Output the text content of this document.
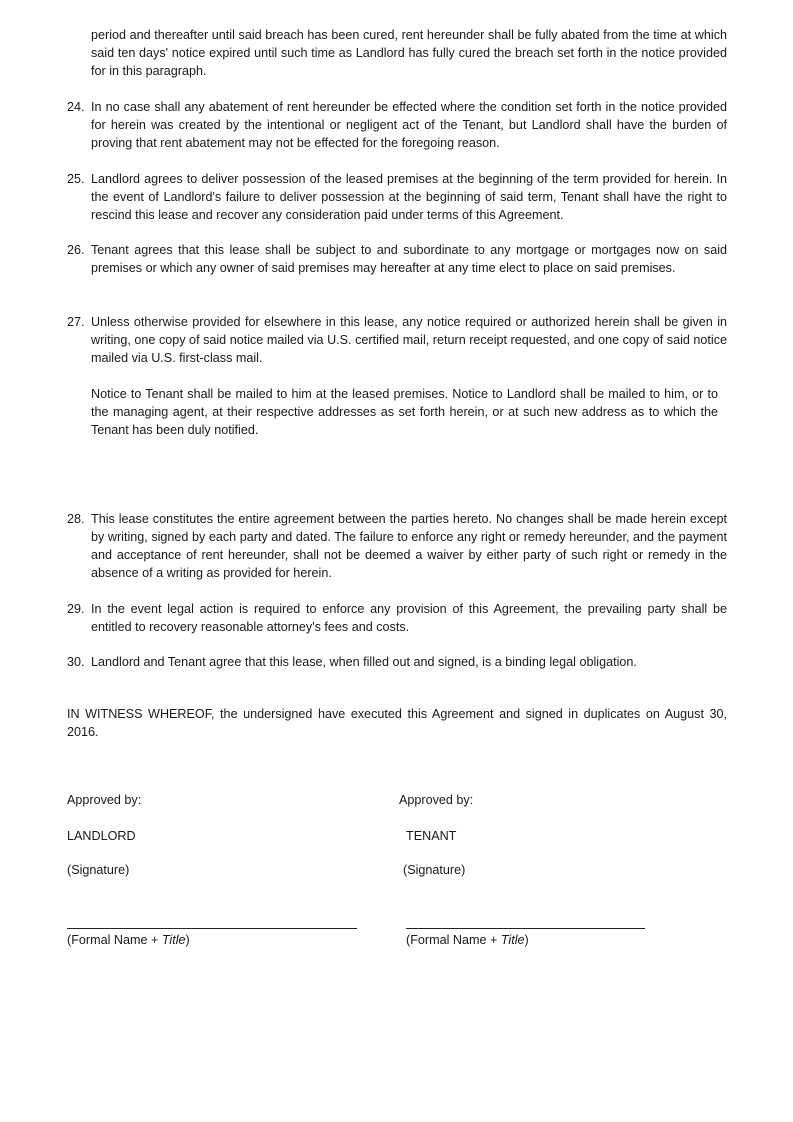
period and thereafter until said breach has been cured, rent hereunder shall be fully abated from the time at which said ten days' notice expired until such time as Landlord has fully cured the breach set forth in the notice provided for in this paragraph.

24. In no case shall any abatement of rent hereunder be effected where the condition set forth in the notice provided for herein was created by the intentional or negligent act of the Tenant, but Landlord shall have the burden of proving that rent abatement may not be effected for the foregoing reason.

25. Landlord agrees to deliver possession of the leased premises at the beginning of the term provided for herein. In the event of Landlord's failure to deliver possession at the beginning of said term, Tenant shall have the right to rescind this lease and recover any consideration paid under terms of this Agreement.

26. Tenant agrees that this lease shall be subject to and subordinate to any mortgage or mortgages now on said premises or which any owner of said premises may hereafter at any time elect to place on said premises.

27. Unless otherwise provided for elsewhere in this lease, any notice required or authorized herein shall be given in writing, one copy of said notice mailed via U.S. certified mail, return receipt requested, and one copy of said notice mailed via U.S. first-class mail.

Notice to Tenant shall be mailed to him at the leased premises. Notice to Landlord shall be mailed to him, or to the managing agent, at their respective addresses as set forth herein, or at such new address as to which the Tenant has been duly notified.

28. This lease constitutes the entire agreement between the parties hereto. No changes shall be made herein except by writing, signed by each party and dated. The failure to enforce any right or remedy hereunder, and the payment and acceptance of rent hereunder, shall not be deemed a waiver by either party of such right or remedy in the absence of a writing as provided for herein.

29. In the event legal action is required to enforce any provision of this Agreement, the prevailing party shall be entitled to recovery reasonable attorney's fees and costs.

30. Landlord and Tenant agree that this lease, when filled out and signed, is a binding legal obligation.

IN WITNESS WHEREOF, the undersigned have executed this Agreement and signed in duplicates on August 30, 2016.

Approved by:
LANDLORD
(Signature)
(Formal Name + Title)
Approved by:
TENANT
(Signature)
(Formal Name + Title)
